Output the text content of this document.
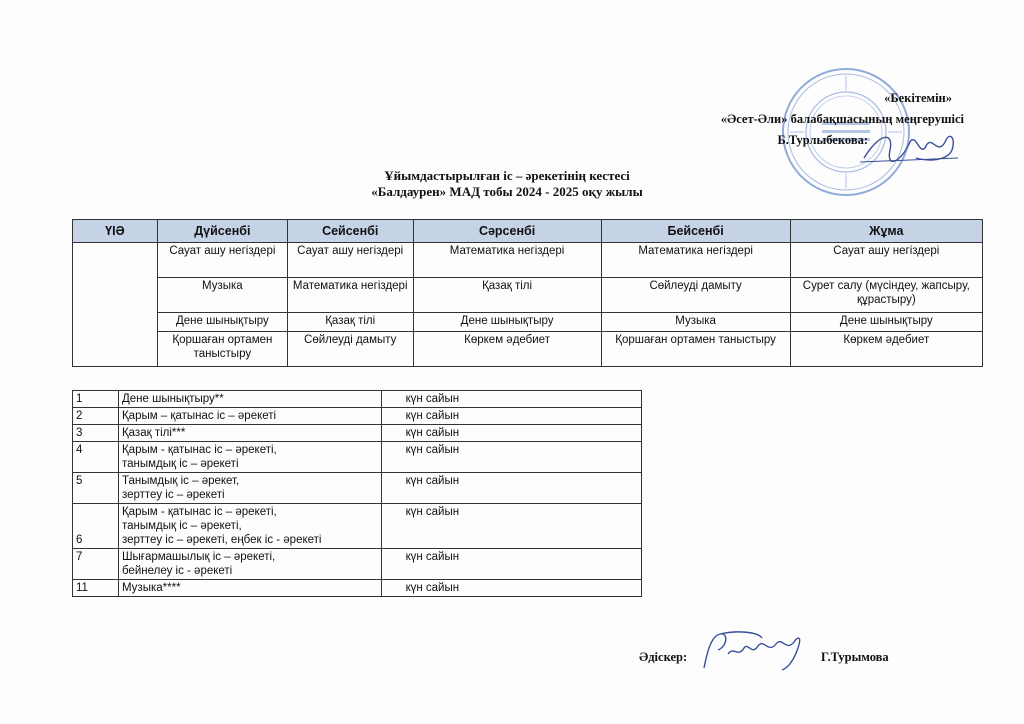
«Бекітемін»
«Әсет-Әли» балабақшасының меңгерушісі
Б.Турлыбекова:
Ұйымдастырылған іс – әрекетінің кестесі
«Балдаурен» МАД тобы 2024 - 2025 оқу жылы
ҮІӘ	Дүйсенбі	Сейсенбі	Сәрсенбі	Бейсенбі	Жұма
	Сауат ашу негіздері	Сауат ашу негіздері	Математика негіздері	Математика негіздері	Сауат ашу негіздері
	Музыка	Математика негіздері	Қазақ тілі	Сөйлеуді дамыту	Сурет салу (мүсіндеу, жапсыру, құрастыру)
	Дене шынықтыру	Қазақ тілі	Дене шынықтыру	Музыка	Дене шынықтыру
	Қоршаған ортамен таныстыру	Сөйлеуді дамыту	Көркем әдебиет	Қоршаған ортамен таныстыру	Көркем әдебиет
1	Дене шынықтыру**	күн сайын
2	Қарым – қатынас іс – әрекеті	күн сайын
3	Қазақ тілі***	күн сайын
4	Қарым - қатынас іс – әрекеті,
танымдық іс – әрекеті	күн сайын
5	Танымдық іс – әрекет,
зерттеу іс – әрекеті	күн сайын
6	Қарым - қатынас іс – әрекеті,
танымдық іс – әрекеті,
зерттеу іс – әрекеті, еңбек іс - әрекеті	күн сайын
7	Шығармашылық іс – әрекеті,
бейнелеу іс - әрекеті	күн сайын
11	Музыка****	күн сайын
Әдіскер:	Г.Турымова
